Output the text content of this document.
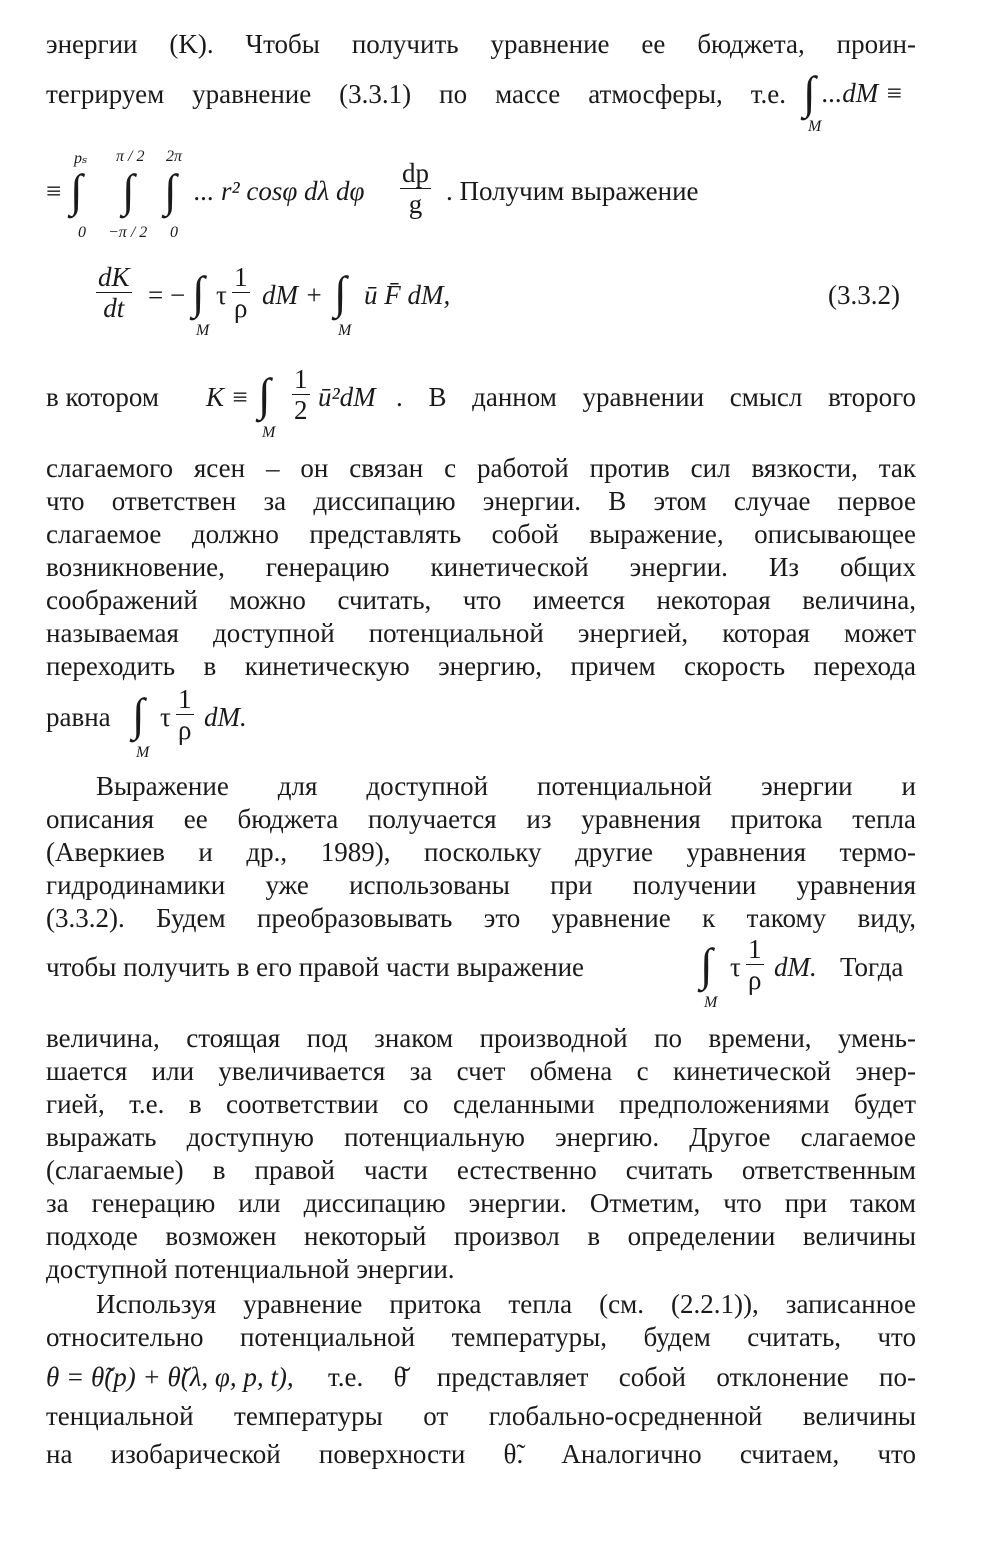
энергии (K). Чтобы получить уравнение ее бюджета, проин-
тегрируем уравнение (3.3.1) по массе атмосферы, т.е. ∫
M
...dM ≡
≡
pₛ
∫
0
π / 2
∫
−π / 2
2π
∫
0
... r² cosφ dλ dφ $\frac{dp}{g}$ . Получим выражение
$\frac{dK}{dt}$ = − ∫
M
τ $\frac{1}{\rho}$ dM + ∫
M
ū F̄ dM,	(3.3.2)
в котором K ≡ ∫
M
$\frac{1}{2}$ ū²dM . В данном уравнении смысл второго
слагаемого ясен – он связан с работой против сил вязкости, так
что ответствен за диссипацию энергии. В этом случае первое
слагаемое должно представлять собой выражение, описывающее
возникновение, генерацию кинетической энергии. Из общих
соображений можно считать, что имеется некоторая величина,
называемая доступной потенциальной энергией, которая может
переходить в кинетическую энергию, причем скорость перехода
равна ∫
M
τ $\frac{1}{\rho}$ dM.
Выражение для доступной потенциальной энергии и
описания ее бюджета получается из уравнения притока тепла
(Аверкиев и др., 1989), поскольку другие уравнения термо-
гидродинамики уже использованы при получении уравнения
(3.3.2). Будем преобразовывать это уравнение к такому виду,
чтобы получить в его правой части выражение	∫
M
τ $\frac{1}{\rho}$ dM. Тогда
величина, стоящая под знаком производной по времени, умень-
шается или увеличивается за счет обмена с кинетической энер-
гией, т.е. в соответствии со сделанными предположениями будет
выражать доступную потенциальную энергию. Другое слагаемое
(слагаемые) в правой части естественно считать ответственным
за генерацию или диссипацию энергии. Отметим, что при таком
подходе возможен некоторый произвол в определении величины
доступной потенциальной энергии.
Используя уравнение притока тепла (см. (2.2.1)), записанное
относительно потенциальной температуры, будем считать, что
θ = θ̃(p) + θ̆(λ, φ, p, t), т.е. θ̆ представляет собой отклонение по-
тенциальной температуры от глобально-осредненной величины
на изобарической поверхности θ̃. Аналогично считаем, что
